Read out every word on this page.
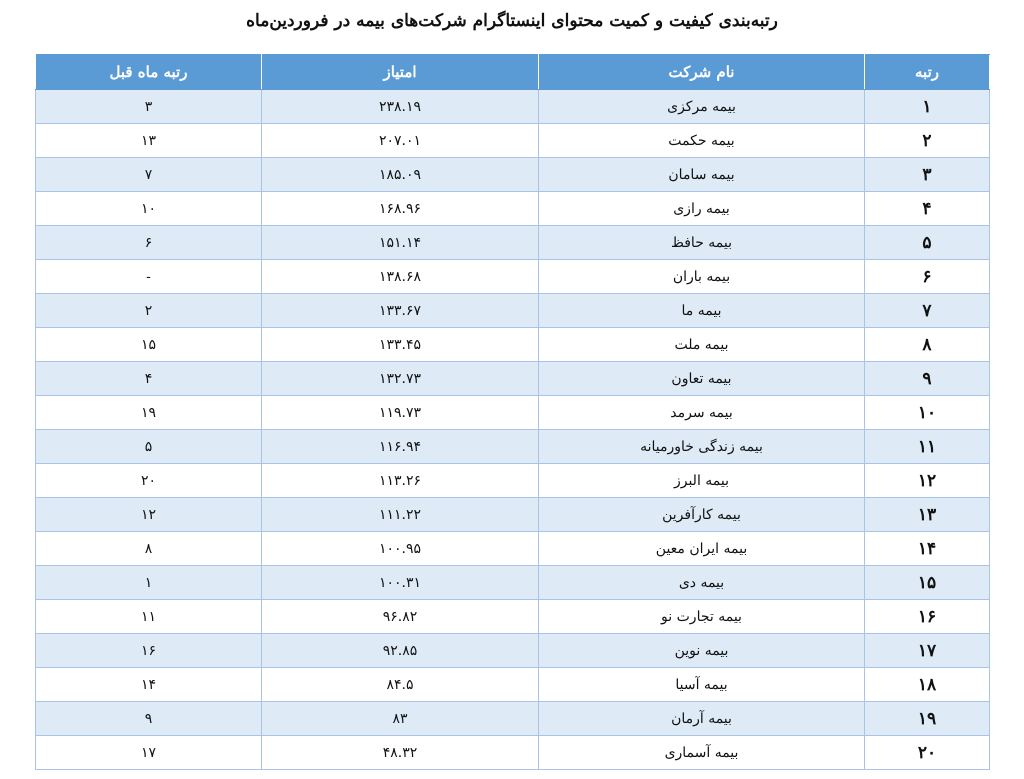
رتبه‌بندی کیفیت و کمیت محتوای اینستاگرام شرکت‌های بیمه در فروردین‌ماه
رتبه	نام شرکت	امتیاز	رتبه ماه قبل
۱	بیمه مرکزی	۲۳۸.۱۹	۳
۲	بیمه حکمت	۲۰۷.۰۱	۱۳
۳	بیمه سامان	۱۸۵.۰۹	۷
۴	بیمه رازی	۱۶۸.۹۶	۱۰
۵	بیمه حافظ	۱۵۱.۱۴	۶
۶	بیمه باران	۱۳۸.۶۸	-
۷	بیمه ما	۱۳۳.۶۷	۲
۸	بیمه ملت	۱۳۳.۴۵	۱۵
۹	بیمه تعاون	۱۳۲.۷۳	۴
۱۰	بیمه سرمد	۱۱۹.۷۳	۱۹
۱۱	بیمه زندگی خاورمیانه	۱۱۶.۹۴	۵
۱۲	بیمه البرز	۱۱۳.۲۶	۲۰
۱۳	بیمه کارآفرین	۱۱۱.۲۲	۱۲
۱۴	بیمه ایران معین	۱۰۰.۹۵	۸
۱۵	بیمه دی	۱۰۰.۳۱	۱
۱۶	بیمه تجارت نو	۹۶.۸۲	۱۱
۱۷	بیمه نوین	۹۲.۸۵	۱۶
۱۸	بیمه آسیا	۸۴.۵	۱۴
۱۹	بیمه آرمان	۸۳	۹
۲۰	بیمه آسماری	۴۸.۳۲	۱۷
